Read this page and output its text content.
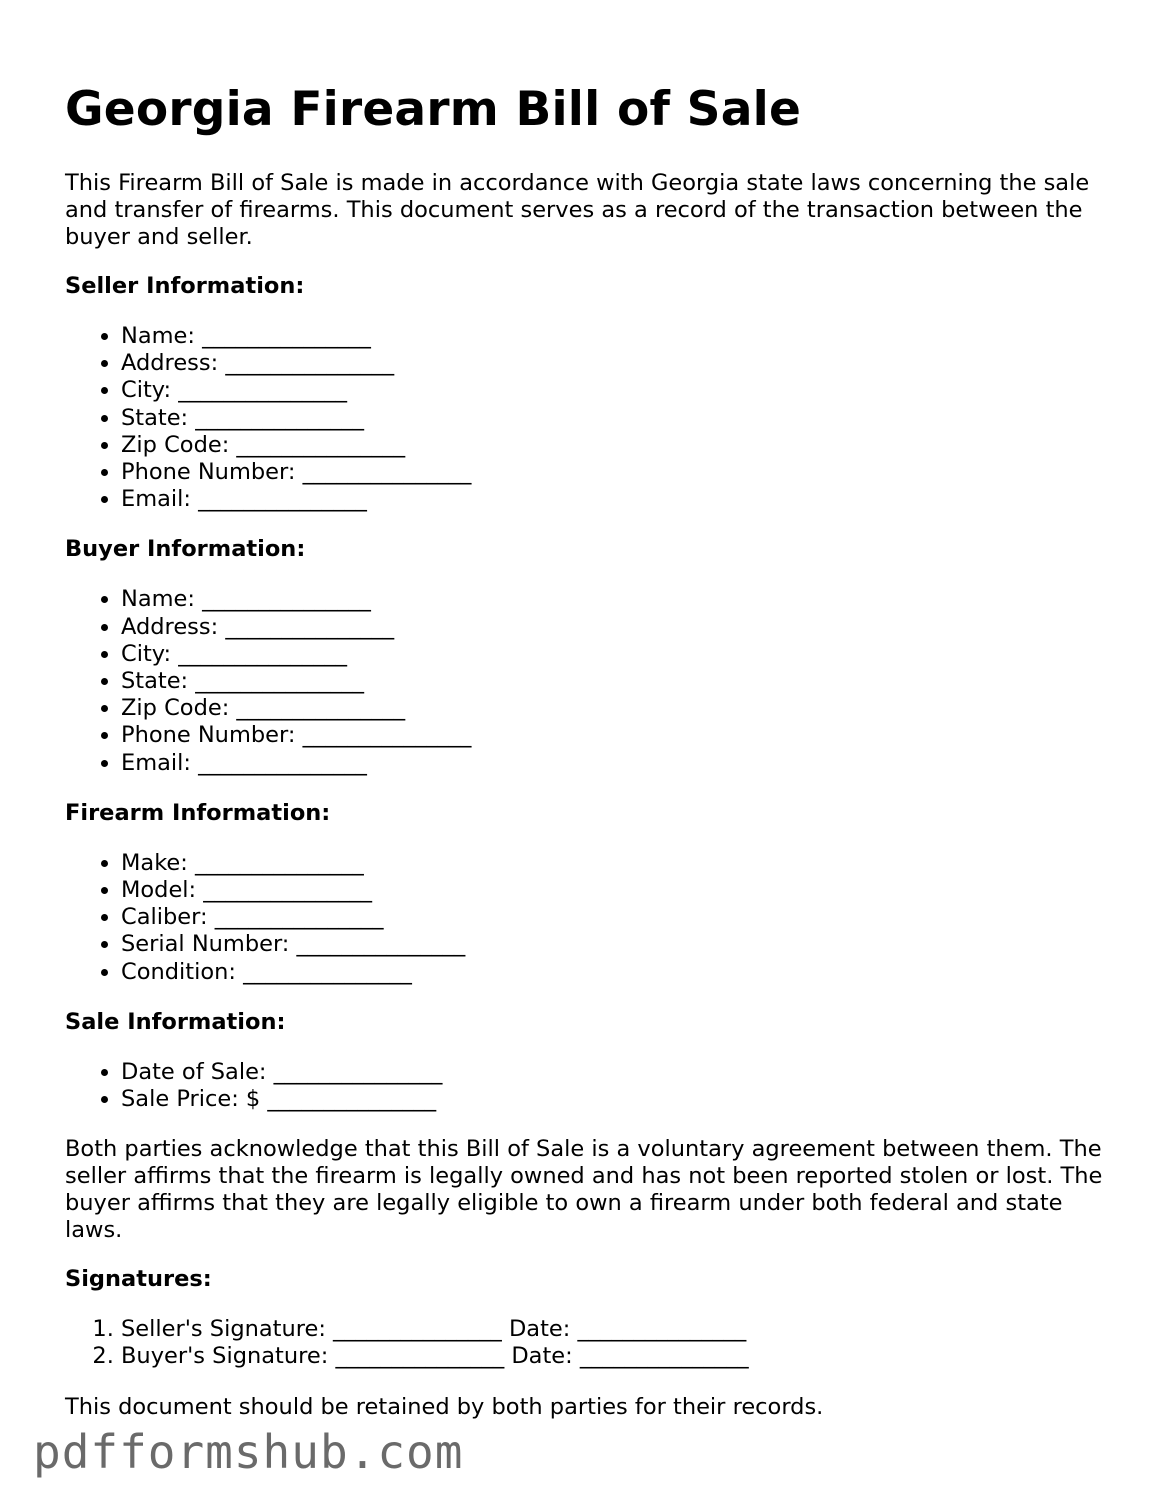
Georgia Firearm Bill of Sale

This Firearm Bill of Sale is made in accordance with Georgia state laws concerning the sale and transfer of firearms. This document serves as a record of the transaction between the buyer and seller.

Seller Information:
• Name: _______________
• Address: _______________
• City: _______________
• State: _______________
• Zip Code: _______________
• Phone Number: _______________
• Email: _______________
Buyer Information:
• Name: _______________
• Address: _______________
• City: _______________
• State: _______________
• Zip Code: _______________
• Phone Number: _______________
• Email: _______________
Firearm Information:
• Make: _______________
• Model: _______________
• Caliber: _______________
• Serial Number: _______________
• Condition: _______________
Sale Information:
• Date of Sale: _______________
• Sale Price: $ _______________

Both parties acknowledge that this Bill of Sale is a voluntary agreement between them. The seller affirms that the firearm is legally owned and has not been reported stolen or lost. The buyer affirms that they are legally eligible to own a firearm under both federal and state laws.

Signatures:
1. Seller's Signature: _______________ Date: _______________
2. Buyer's Signature: _______________ Date: _______________

This document should be retained by both parties for their records.

pdfformshub.com
